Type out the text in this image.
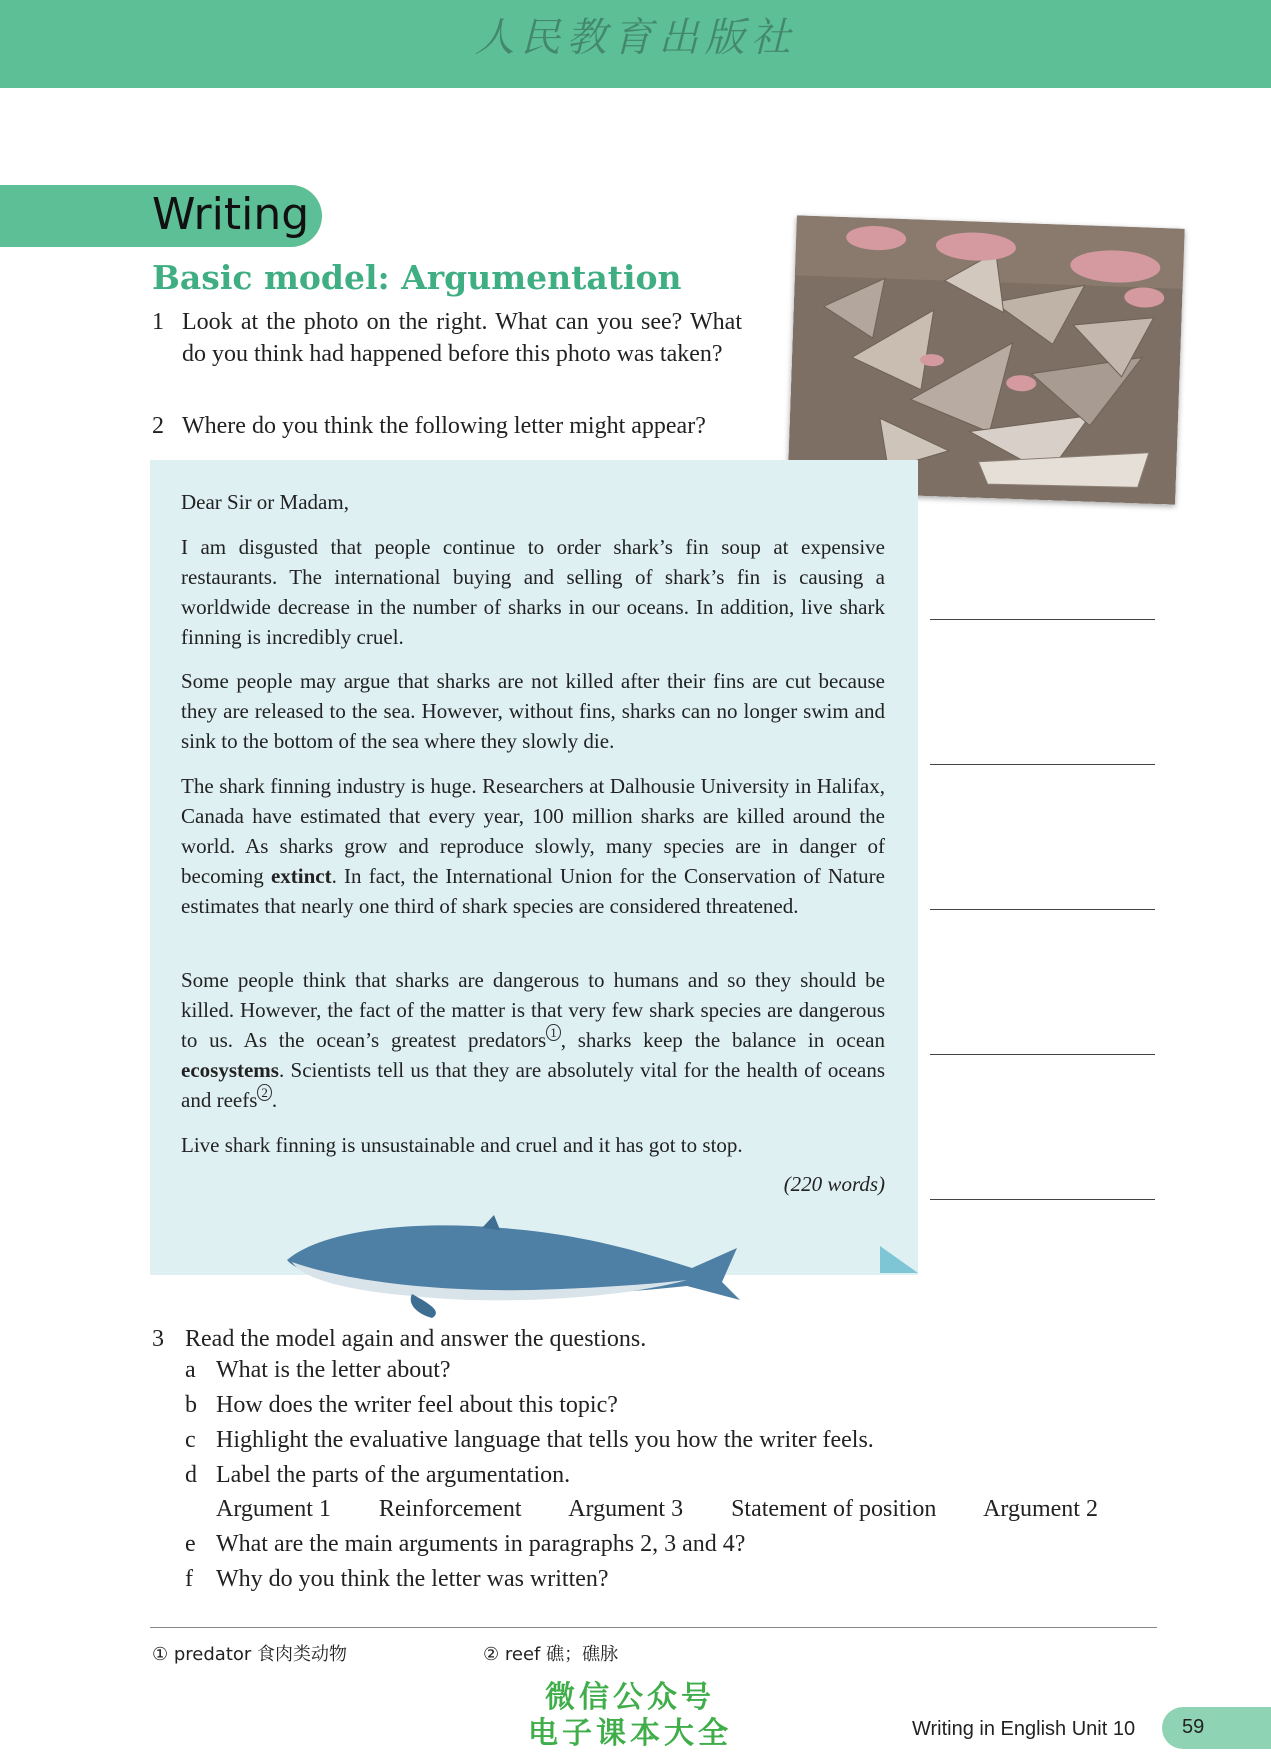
人民教育出版社
Writing
Basic model: Argumentation
1 Look at the photo on the right. What can you see? What do you think had happened before this photo was taken?
2 Where do you think the following letter might appear?
Dear Sir or Madam,
I am disgusted that people continue to order shark’s fin soup at expensive restaurants. The international buying and selling of shark’s fin is causing a worldwide decrease in the number of sharks in our oceans. In addition, live shark finning is incredibly cruel.
Some people may argue that sharks are not killed after their fins are cut because they are released to the sea. However, without fins, sharks can no longer swim and sink to the bottom of the sea where they slowly die.
The shark finning industry is huge. Researchers at Dalhousie University in Halifax, Canada have estimated that every year, 100 million sharks are killed around the world. As sharks grow and reproduce slowly, many species are in danger of becoming extinct. In fact, the International Union for the Conservation of Nature estimates that nearly one third of shark species are considered threatened.
Some people think that sharks are dangerous to humans and so they should be killed. However, the fact of the matter is that very few shark species are dangerous to us. As the ocean’s greatest predators $^1$ , sharks keep the balance in ocean ecosystems. Scientists tell us that they are absolutely vital for the health of oceans and reefs $^2$ .
Live shark finning is unsustainable and cruel and it has got to stop.
(220 words)
3 Read the model again and answer the questions.
a What is the letter about?
b How does the writer feel about this topic?
c Highlight the evaluative language that tells you how the writer feels.
d Label the parts of the argumentation.
Argument 1 Reinforcement Argument 3 Statement of position Argument 2
e What are the main arguments in paragraphs 2, 3 and 4?
f Why do you think the letter was written?
① predator 食肉类动物	② reef 礁；礁脉
微信公众号
电子课本大全	Writing in English Unit 10 59
